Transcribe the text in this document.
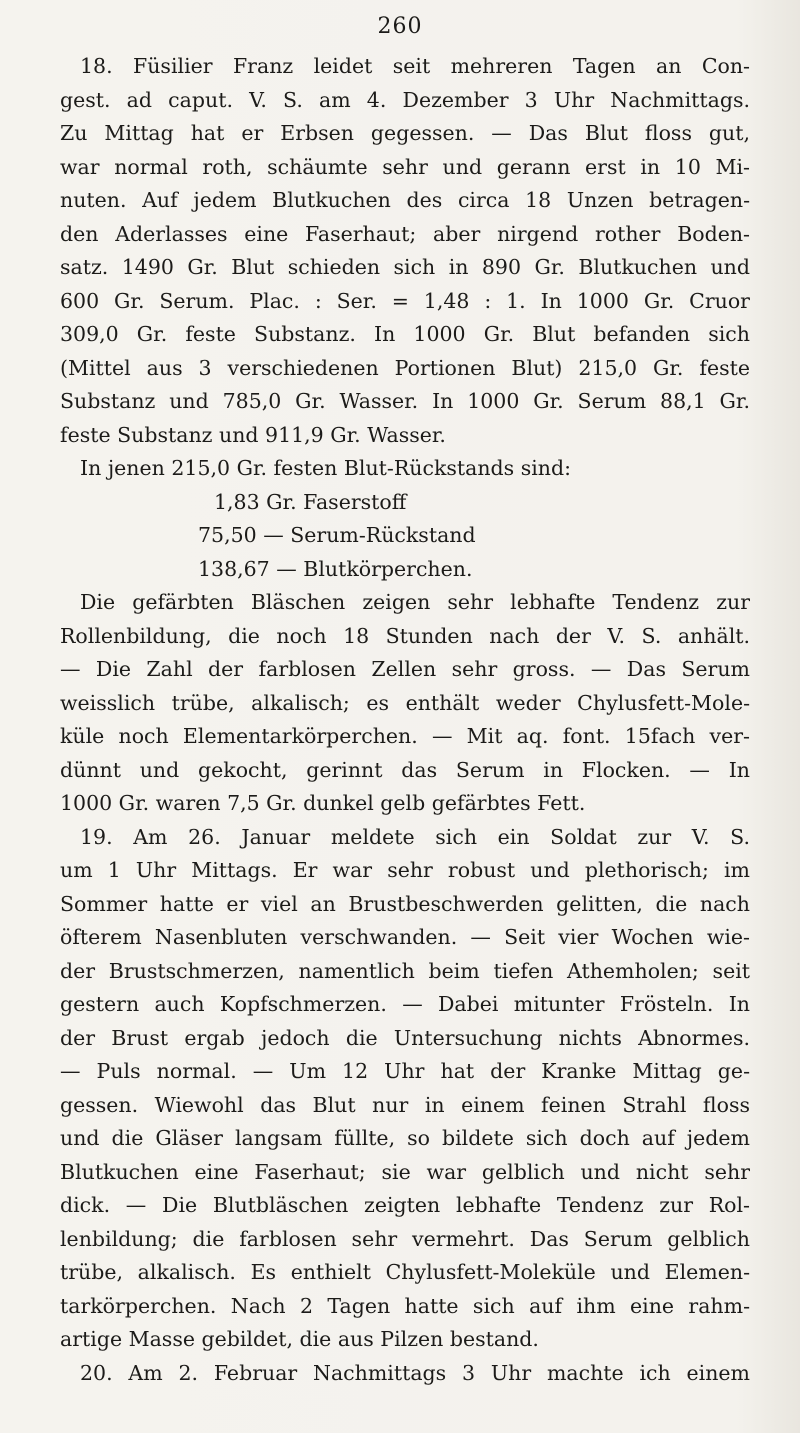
260
18. Füsilier Franz leidet seit mehreren Tagen an Con-
gest. ad caput. V. S. am 4. Dezember 3 Uhr Nachmittags.
Zu Mittag hat er Erbsen gegessen. — Das Blut floss gut,
war normal roth, schäumte sehr und gerann erst in 10 Mi-
nuten. Auf jedem Blutkuchen des circa 18 Unzen betragen-
den Aderlasses eine Faserhaut; aber nirgend rother Boden-
satz. 1490 Gr. Blut schieden sich in 890 Gr. Blutkuchen und
600 Gr. Serum. Plac. : Ser. = 1,48 : 1. In 1000 Gr. Cruor
309,0 Gr. feste Substanz. In 1000 Gr. Blut befanden sich
(Mittel aus 3 verschiedenen Portionen Blut) 215,0 Gr. feste
Substanz und 785,0 Gr. Wasser. In 1000 Gr. Serum 88,1 Gr.
feste Substanz und 911,9 Gr. Wasser.
In jenen 215,0 Gr. festen Blut-Rückstands sind:
1,83 Gr. Faserstoff
75,50 — Serum-Rückstand
138,67 — Blutkörperchen.
Die gefärbten Bläschen zeigen sehr lebhafte Tendenz zur
Rollenbildung, die noch 18 Stunden nach der V. S. anhält.
— Die Zahl der farblosen Zellen sehr gross. — Das Serum
weisslich trübe, alkalisch; es enthält weder Chylusfett-Mole-
küle noch Elementarkörperchen. — Mit aq. font. 15fach ver-
dünnt und gekocht, gerinnt das Serum in Flocken. — In
1000 Gr. waren 7,5 Gr. dunkel gelb gefärbtes Fett.
19. Am 26. Januar meldete sich ein Soldat zur V. S.
um 1 Uhr Mittags. Er war sehr robust und plethorisch; im
Sommer hatte er viel an Brustbeschwerden gelitten, die nach
öfterem Nasenbluten verschwanden. — Seit vier Wochen wie-
der Brustschmerzen, namentlich beim tiefen Athemholen; seit
gestern auch Kopfschmerzen. — Dabei mitunter Frösteln. In
der Brust ergab jedoch die Untersuchung nichts Abnormes.
— Puls normal. — Um 12 Uhr hat der Kranke Mittag ge-
gessen. Wiewohl das Blut nur in einem feinen Strahl floss
und die Gläser langsam füllte, so bildete sich doch auf jedem
Blutkuchen eine Faserhaut; sie war gelblich und nicht sehr
dick. — Die Blutbläschen zeigten lebhafte Tendenz zur Rol-
lenbildung; die farblosen sehr vermehrt. Das Serum gelblich
trübe, alkalisch. Es enthielt Chylusfett-Moleküle und Elemen-
tarkörperchen. Nach 2 Tagen hatte sich auf ihm eine rahm-
artige Masse gebildet, die aus Pilzen bestand.
20. Am 2. Februar Nachmittags 3 Uhr machte ich einem
